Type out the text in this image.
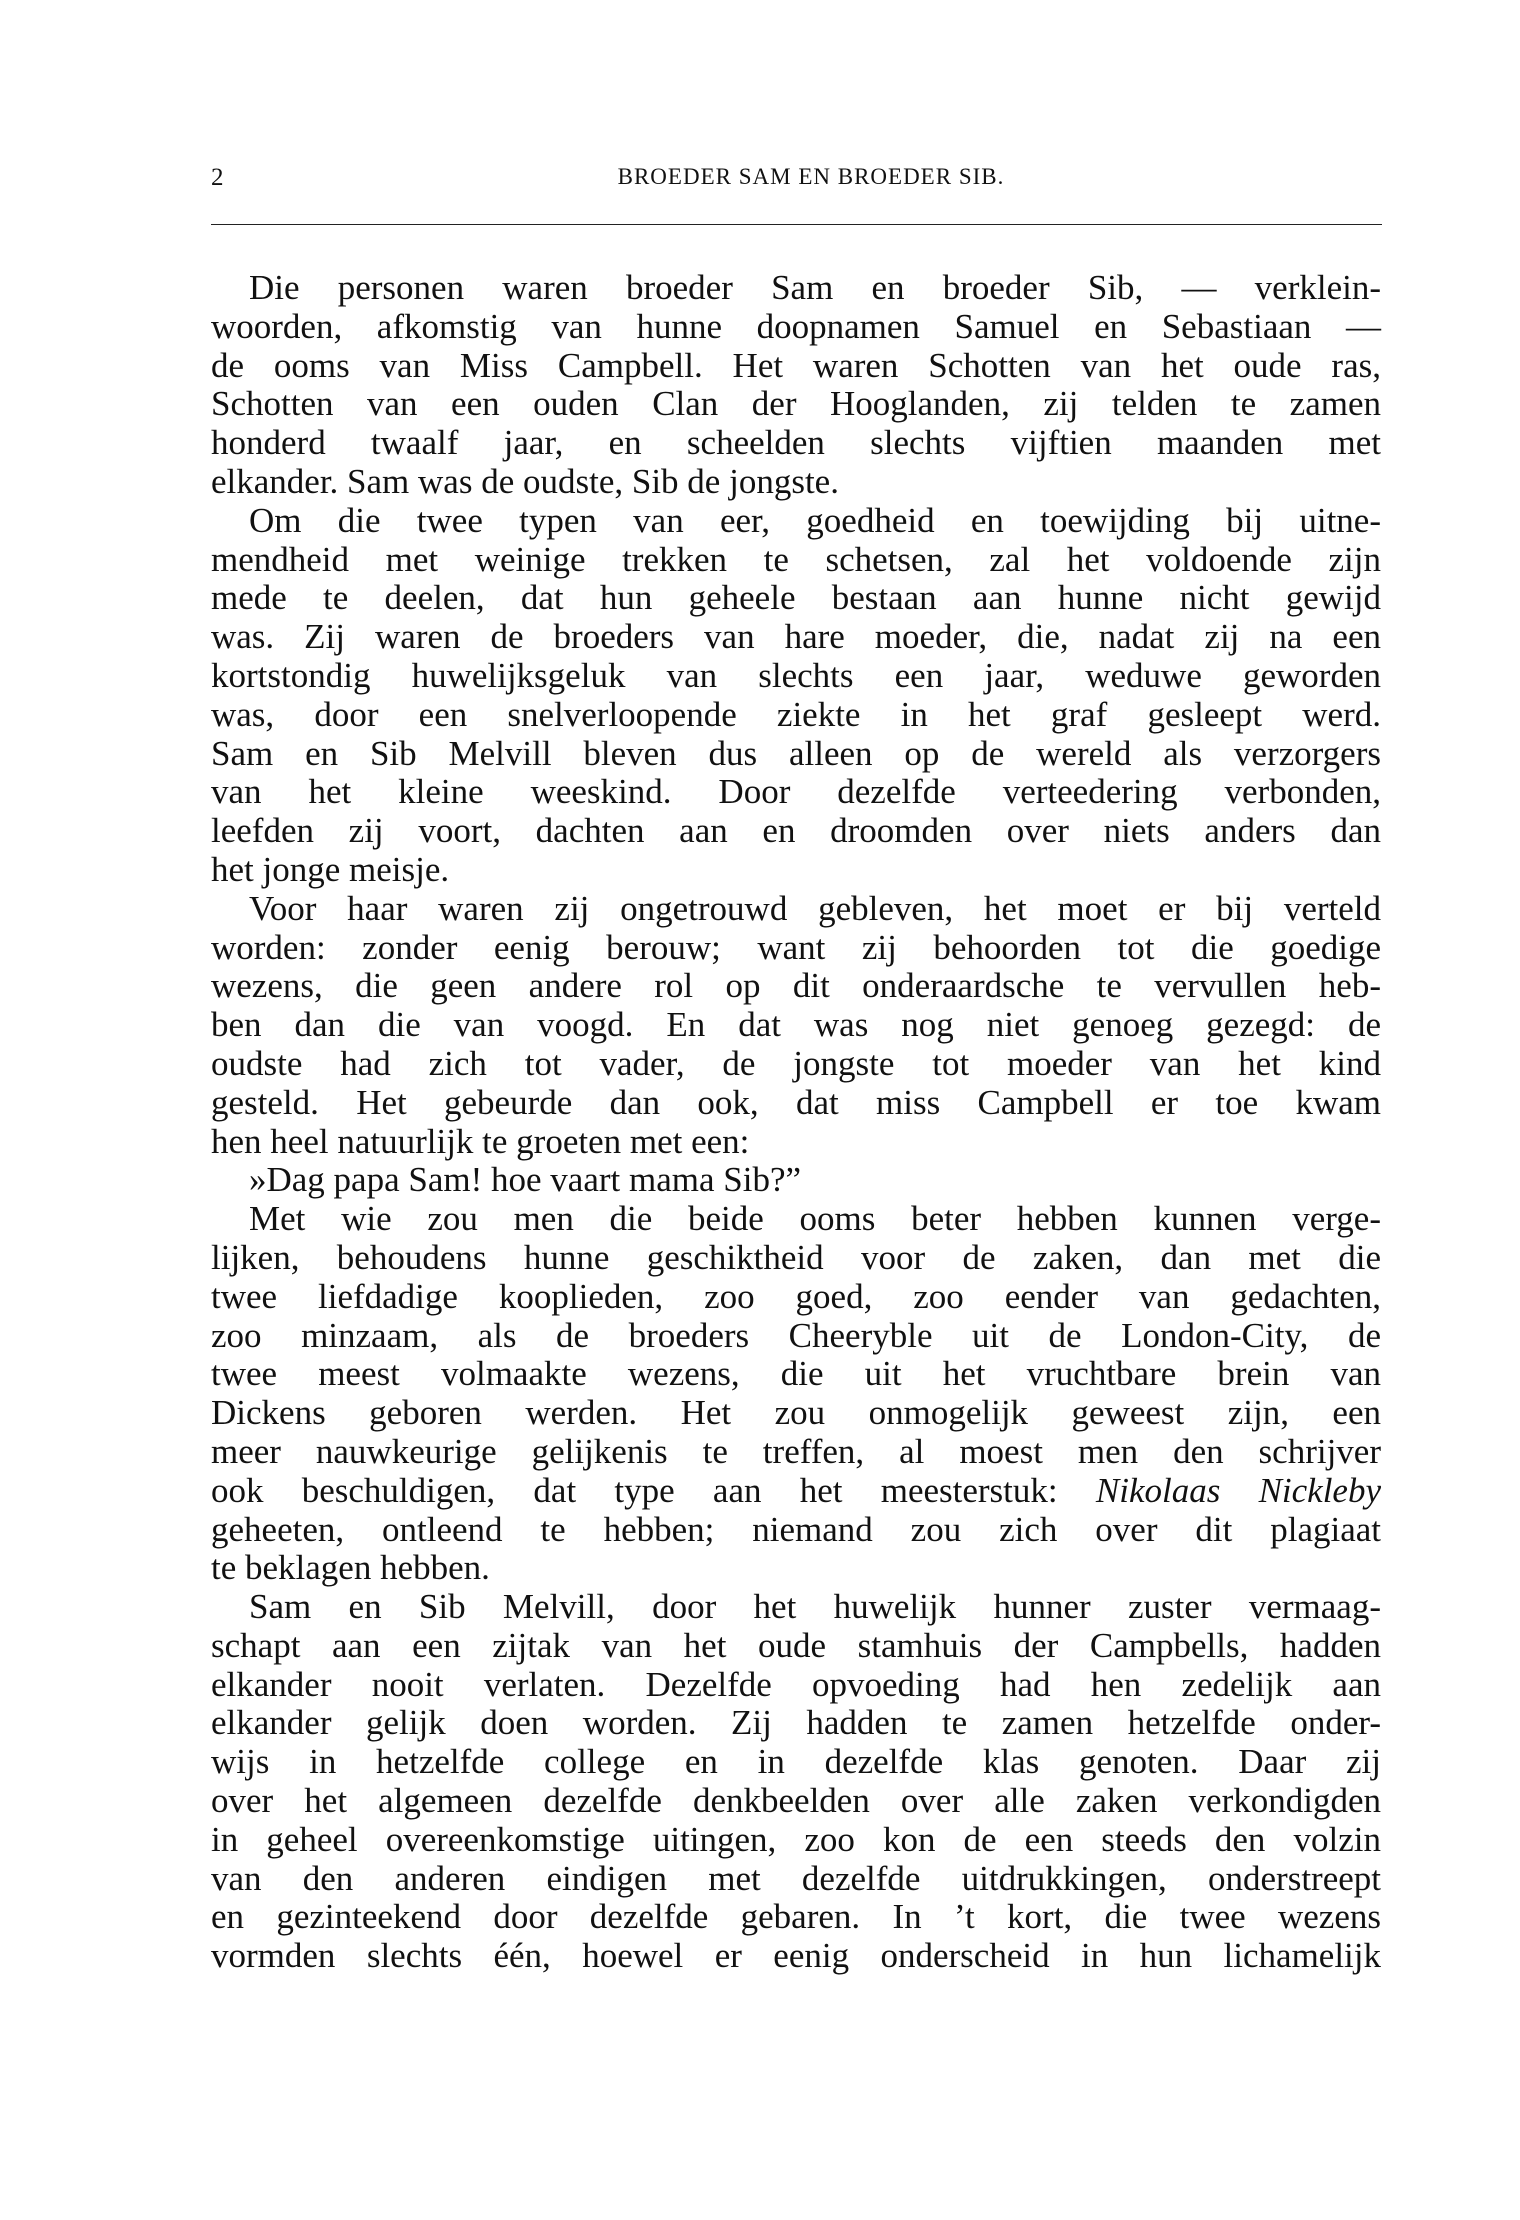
2	BROEDER SAM EN BROEDER SIB.
Die personen waren broeder Sam en broeder Sib, — verklein-
woorden, afkomstig van hunne doopnamen Samuel en Sebastiaan —
de ooms van Miss Campbell. Het waren Schotten van het oude ras,
Schotten van een ouden Clan der Hooglanden, zij telden te zamen
honderd twaalf jaar, en scheelden slechts vijftien maanden met
elkander. Sam was de oudste, Sib de jongste.
Om die twee typen van eer, goedheid en toewijding bij uitne-
mendheid met weinige trekken te schetsen, zal het voldoende zijn
mede te deelen, dat hun geheele bestaan aan hunne nicht gewijd
was. Zij waren de broeders van hare moeder, die, nadat zij na een
kortstondig huwelijksgeluk van slechts een jaar, weduwe geworden
was, door een snelverloopende ziekte in het graf gesleept werd.
Sam en Sib Melvill bleven dus alleen op de wereld als verzorgers
van het kleine weeskind. Door dezelfde verteedering verbonden,
leefden zij voort, dachten aan en droomden over niets anders dan
het jonge meisje.
Voor haar waren zij ongetrouwd gebleven, het moet er bij verteld
worden: zonder eenig berouw; want zij behoorden tot die goedige
wezens, die geen andere rol op dit onderaardsche te vervullen heb-
ben dan die van voogd. En dat was nog niet genoeg gezegd: de
oudste had zich tot vader, de jongste tot moeder van het kind
gesteld. Het gebeurde dan ook, dat miss Campbell er toe kwam
hen heel natuurlijk te groeten met een:
»Dag papa Sam! hoe vaart mama Sib?”
Met wie zou men die beide ooms beter hebben kunnen verge-
lijken, behoudens hunne geschiktheid voor de zaken, dan met die
twee liefdadige kooplieden, zoo goed, zoo eender van gedachten,
zoo minzaam, als de broeders Cheeryble uit de London-City, de
twee meest volmaakte wezens, die uit het vruchtbare brein van
Dickens geboren werden. Het zou onmogelijk geweest zijn, een
meer nauwkeurige gelijkenis te treffen, al moest men den schrijver
ook beschuldigen, dat type aan het meesterstuk: Nikolaas Nickleby
geheeten, ontleend te hebben; niemand zou zich over dit plagiaat
te beklagen hebben.
Sam en Sib Melvill, door het huwelijk hunner zuster vermaag-
schapt aan een zijtak van het oude stamhuis der Campbells, hadden
elkander nooit verlaten. Dezelfde opvoeding had hen zedelijk aan
elkander gelijk doen worden. Zij hadden te zamen hetzelfde onder-
wijs in hetzelfde college en in dezelfde klas genoten. Daar zij
over het algemeen dezelfde denkbeelden over alle zaken verkondigden
in geheel overeenkomstige uitingen, zoo kon de een steeds den volzin
van den anderen eindigen met dezelfde uitdrukkingen, onderstreept
en gezinteekend door dezelfde gebaren. In ’t kort, die twee wezens
vormden slechts één, hoewel er eenig onderscheid in hun lichamelijk
